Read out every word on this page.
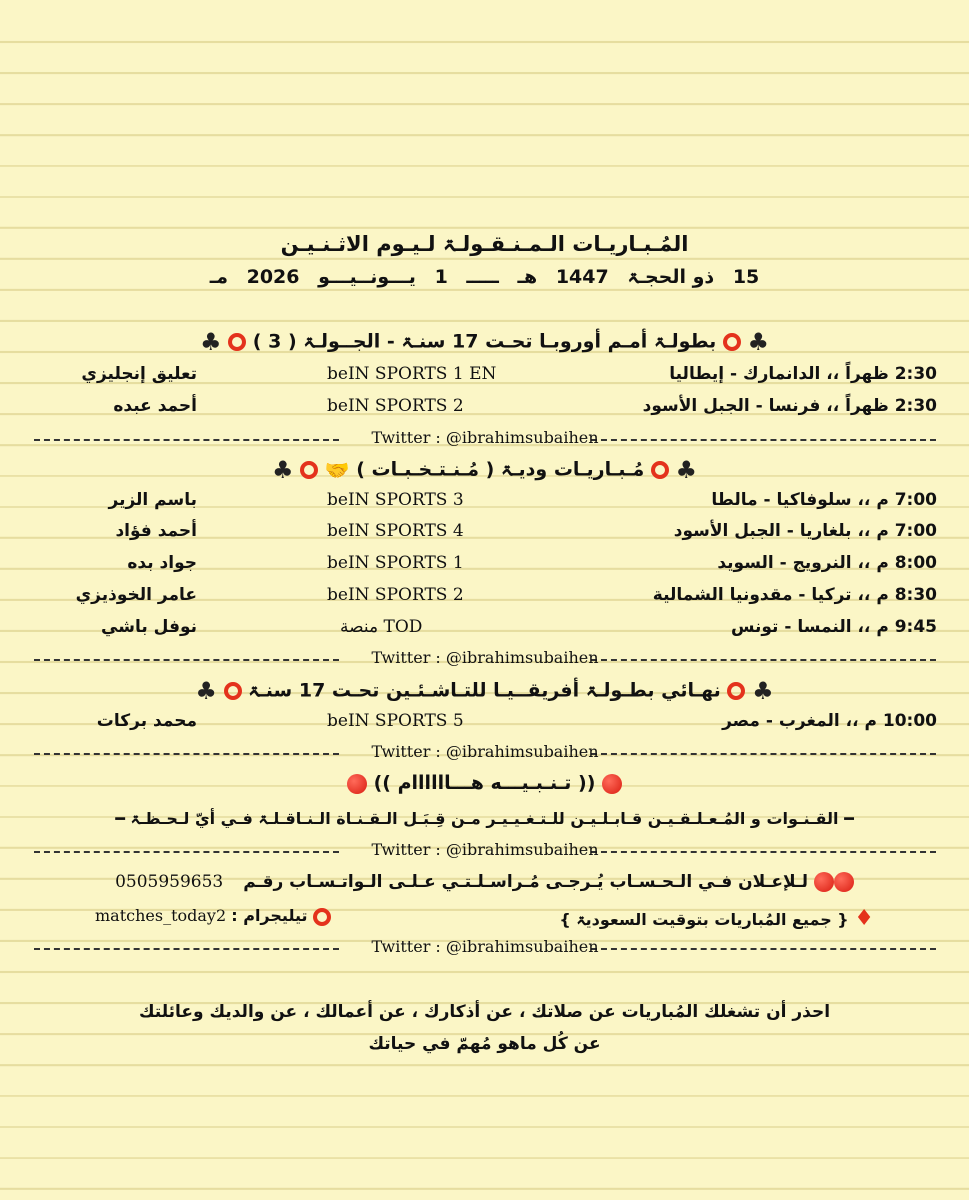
المُـبـاريـات الـمـنـقـولـۃ لـيـوم الاثـنـيـن
15 ذو الحجـۃ 1447 هـ ـــــ 1 يـــونــيـــو 2026 مـ
♣  بطولـۃ أمـم أوروبـا تحـت 17 سنـۃ - الجــولـۃ ( 3 )  ♣
2:30 ظهراً ،، الدانمارك - إيطاليا
beIN SPORTS 1 EN
تعليق إنجليزي
2:30 ظهراً ،، فرنسا - الجبل الأسود
beIN SPORTS 2
أحمد عبده
Twitter : @ibrahimsubaihen
♣  مُـبـاريـات وديـۃ ( مُـنـتـخـبـات ) 🤝  ♣
7:00 م ،، سلوفاكيا - مالطا
beIN SPORTS 3
باسم الزير
7:00 م ،، بلغاريا - الجبل الأسود
beIN SPORTS 4
أحمد فؤاد
8:00 م ،، النرويج - السويد
beIN SPORTS 1
جواد بده
8:30 م ،، تركيا - مقدونيا الشمالية
beIN SPORTS 2
عامر الخوذيزي
9:45 م ،، النمسا - تونس
منصة TOD
نوفل باشي
Twitter : @ibrahimsubaihen
♣  نهـائي بطـولـۃ أفريقــيـا للتـاشـئـين تحـت 17 سنـۃ  ♣
10:00 م ،، المغرب - مصر
beIN SPORTS 5
محمد بركات
Twitter : @ibrahimsubaihen
(( تـنـبـيـــه هـــاااااام ))
━ القـنـوات و المُـعـلـقـيـن قـابـلـيـن للـتـغـيـيـر مـن قِـبَـل الـقـنـاة الـنـاقـلـۃ فـي أيّ لـحـظـۃ ━
Twitter : @ibrahimsubaihen
لـلإعـلان فـي الـحـسـاب يُـرجـى مُـراسـلـتـي عـلـى الـواتـسـاب رقـم 0505959653
♦ { جميع المُباريات بتوقيت السعوديۃ }
تيليجرام : matches_today2
Twitter : @ibrahimsubaihen
احذر أن تشغلك المُباريات عن صلاتك ، عن أذكارك ، عن أعمالك ، عن والديك وعائلتك
عن كُل ماهو مُهمّ في حياتك
